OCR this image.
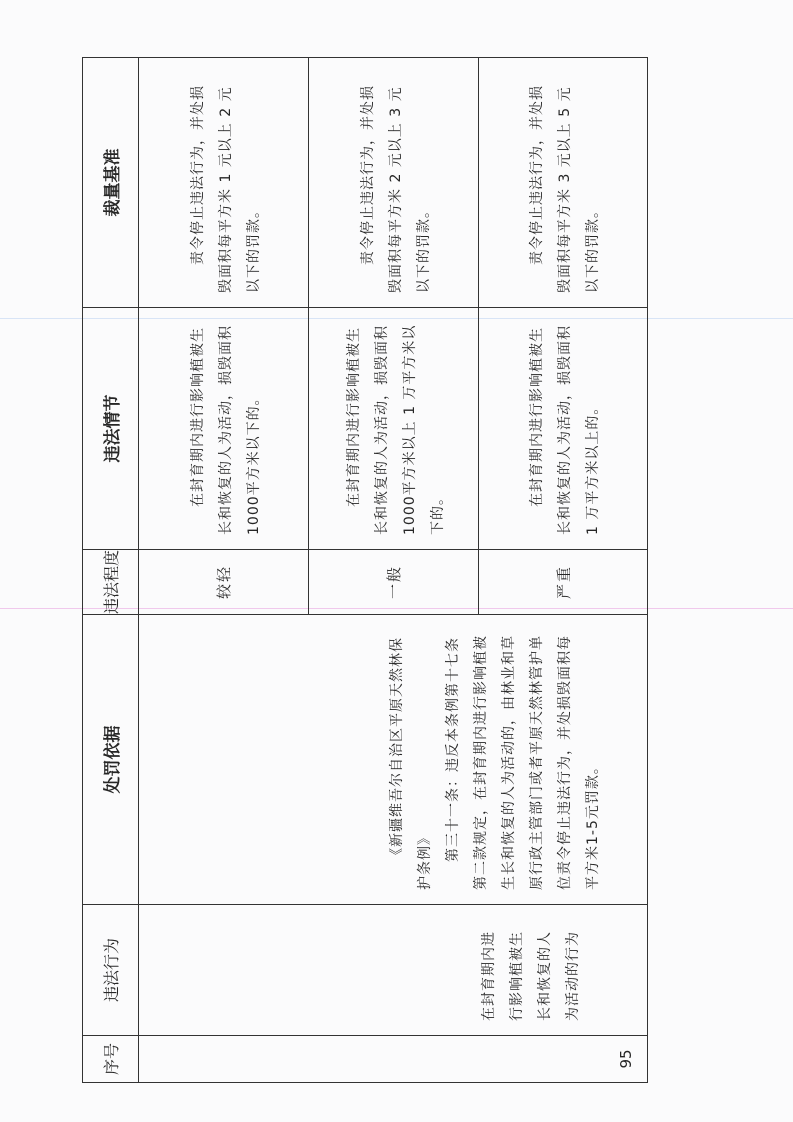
序号	违法行为	处罚依据	违法程度	违法情节	裁量基准
95	在封育期内进行影响植被生长和恢复的人为活动的行为	《新疆维吾尔自治区平原天然林保护条例》 第三十一条：违反本条例第十七条第二款规定，在封育期内进行影响植被生长和恢复的人为活动的，由林业和草原行政主管部门或者平原天然林管护单位责令停止违法行为，并处损毁面积每平方米1-5元罚款。	较轻	在封育期内进行影响植被生长和恢复的人为活动，损毁面积 1000平方米以下的。	责令停止违法行为，并处损毁面积每平方米 1 元以上 2 元以下的罚款。
			一般	在封育期内进行影响植被生长和恢复的人为活动，损毁面积 1000平方米以上 1 万平方米以下的。	责令停止违法行为，并处损毁面积每平方米 2 元以上 3 元以下的罚款。
			严重	在封育期内进行影响植被生长和恢复的人为活动，损毁面积 1 万平方米以上的。	责令停止违法行为，并处损毁面积每平方米 3 元以上 5 元以下的罚款。
